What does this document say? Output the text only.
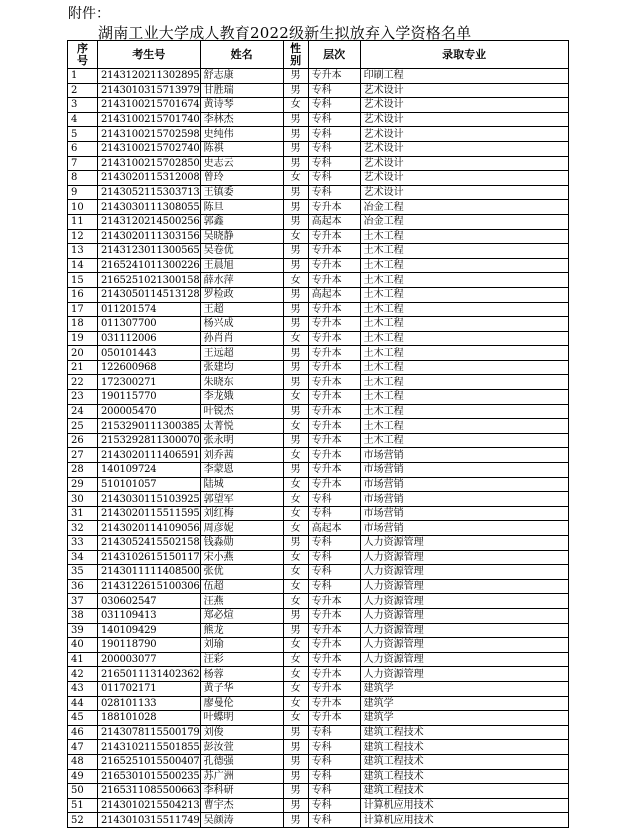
附件：
湖南工业大学成人教育2022级新生拟放弃入学资格名单
序号	考生号	姓名	性别	层次	录取专业
1	2143120211302895	舒志康	男	专升本	印刷工程
2	2143010315713979	甘胜瑞	男	专科	艺术设计
3	2143100215701674	黄诗琴	女	专科	艺术设计
4	2143100215701740	李林杰	男	专科	艺术设计
5	2143100215702598	史纯伟	男	专科	艺术设计
6	2143100215702740	陈祺	男	专科	艺术设计
7	2143100215702850	史志云	男	专科	艺术设计
8	2143020115312008	曾玲	女	专科	艺术设计
9	2143052115303713	王镇委	男	专科	艺术设计
10	2143030111308055	陈旦	男	专升本	冶金工程
11	2143120214500256	郭鑫	男	高起本	冶金工程
12	2143020111303156	吴晓静	女	专升本	土木工程
13	2143123011300565	吴卷优	男	专升本	土木工程
14	2165241011300226	王晨旭	男	专升本	土木工程
15	2165251021300158	薛水萍	女	专升本	土木工程
16	2143050114513128	罗检政	男	高起本	土木工程
17	011201574	王超	男	专升本	土木工程
18	011307700	杨兴成	男	专升本	土木工程
19	031112006	孙肖肖	女	专升本	土木工程
20	050101443	王远超	男	专升本	土木工程
21	122600968	张建均	男	专升本	土木工程
22	172300271	朱晓东	男	专升本	土木工程
23	190115770	李龙娥	女	专升本	土木工程
24	200005470	叶锐杰	男	专升本	土木工程
25	2153290111300385	太菁悦	女	专升本	土木工程
26	2153292811300070	张永明	男	专升本	土木工程
27	2143020111406591	刘乔茜	女	专升本	市场营销
28	140109724	李蒙恩	男	专升本	市场营销
29	510101057	陆城	女	专升本	市场营销
30	2143030115103925	郭望军	女	专科	市场营销
31	2143020115511595	刘红梅	女	专科	市场营销
32	2143020114109056	周彦妮	女	高起本	市场营销
33	2143052415502158	钱淼勋	男	专科	人力资源管理
34	2143102615150117	宋小燕	女	专科	人力资源管理
35	2143011111408500	张优	女	专科	人力资源管理
36	2143122615100306	伍超	女	专科	人力资源管理
37	030602547	汪燕	女	专升本	人力资源管理
38	031109413	郑必煊	男	专升本	人力资源管理
39	140109429	熊龙	男	专升本	人力资源管理
40	190118790	刘瑜	女	专升本	人力资源管理
41	200003077	汪彩	女	专升本	人力资源管理
42	2165011131402362	杨蓉	女	专升本	人力资源管理
43	011702171	黄子华	女	专升本	建筑学
44	028101133	廖曼伦	女	专升本	建筑学
45	188101028	叶蝶明	女	专升本	建筑学
46	2143078115500179	刘俊	男	专科	建筑工程技术
47	2143102115501855	彭汝萱	男	专科	建筑工程技术
48	2165251015500407	孔德强	男	专科	建筑工程技术
49	2165301015500235	苏广洲	男	专科	建筑工程技术
50	2165311085500663	李科研	男	专科	建筑工程技术
51	2143010215504213	曹宇杰	男	专科	计算机应用技术
52	2143010315511749	吴颜涛	男	专科	计算机应用技术
